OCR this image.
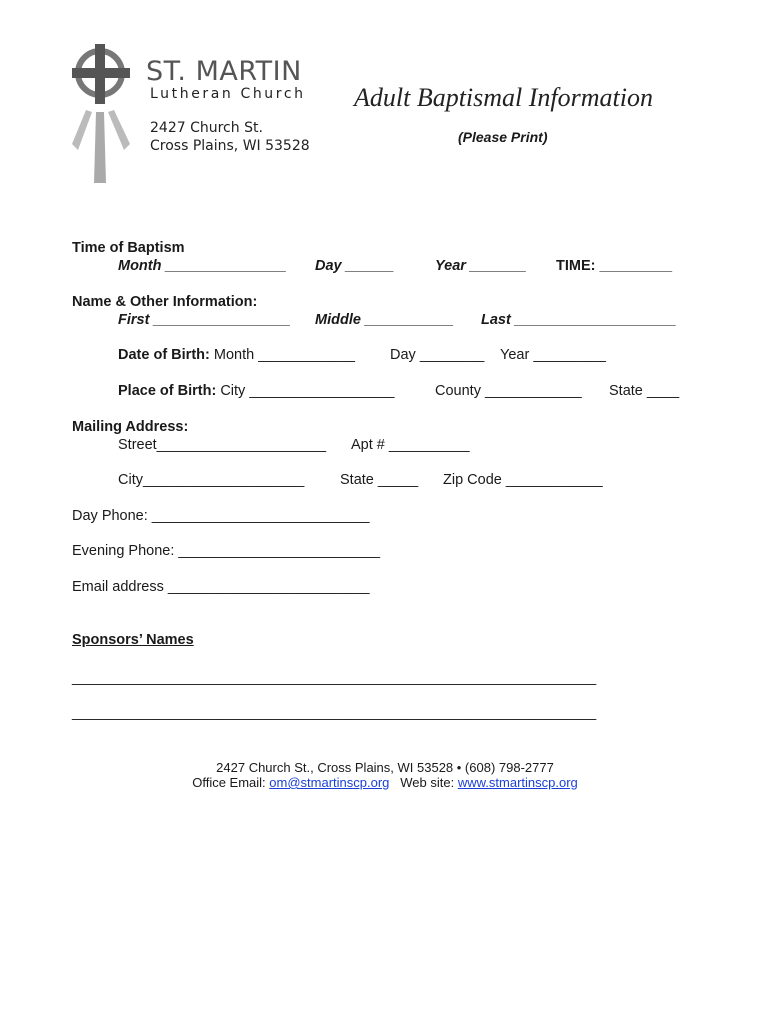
ST. MARTIN
Lutheran Church
2427 Church St.
Cross Plains, WI 53528
Adult Baptismal Information
(Please Print)
Time of Baptism
Month _______________ Day ______	Year _______ TIME: _________
Name & Other Information:
First _________________ Middle ___________ Last ____________________
Date of Birth: Month ____________ Day ________ Year _________
Place of Birth: City __________________	County ____________ State ____
Mailing Address:
Street_____________________ Apt # __________
City____________________ State _____ Zip Code ____________
Day Phone: ___________________________
Evening Phone: _________________________
Email address _________________________
Sponsors’ Names
_________________________________________________________________
_________________________________________________________________
2427 Church St., Cross Plains, WI 53528 • (608) 798-2777
Office Email: om@stmartinscp.org Web site: www.stmartinscp.org
